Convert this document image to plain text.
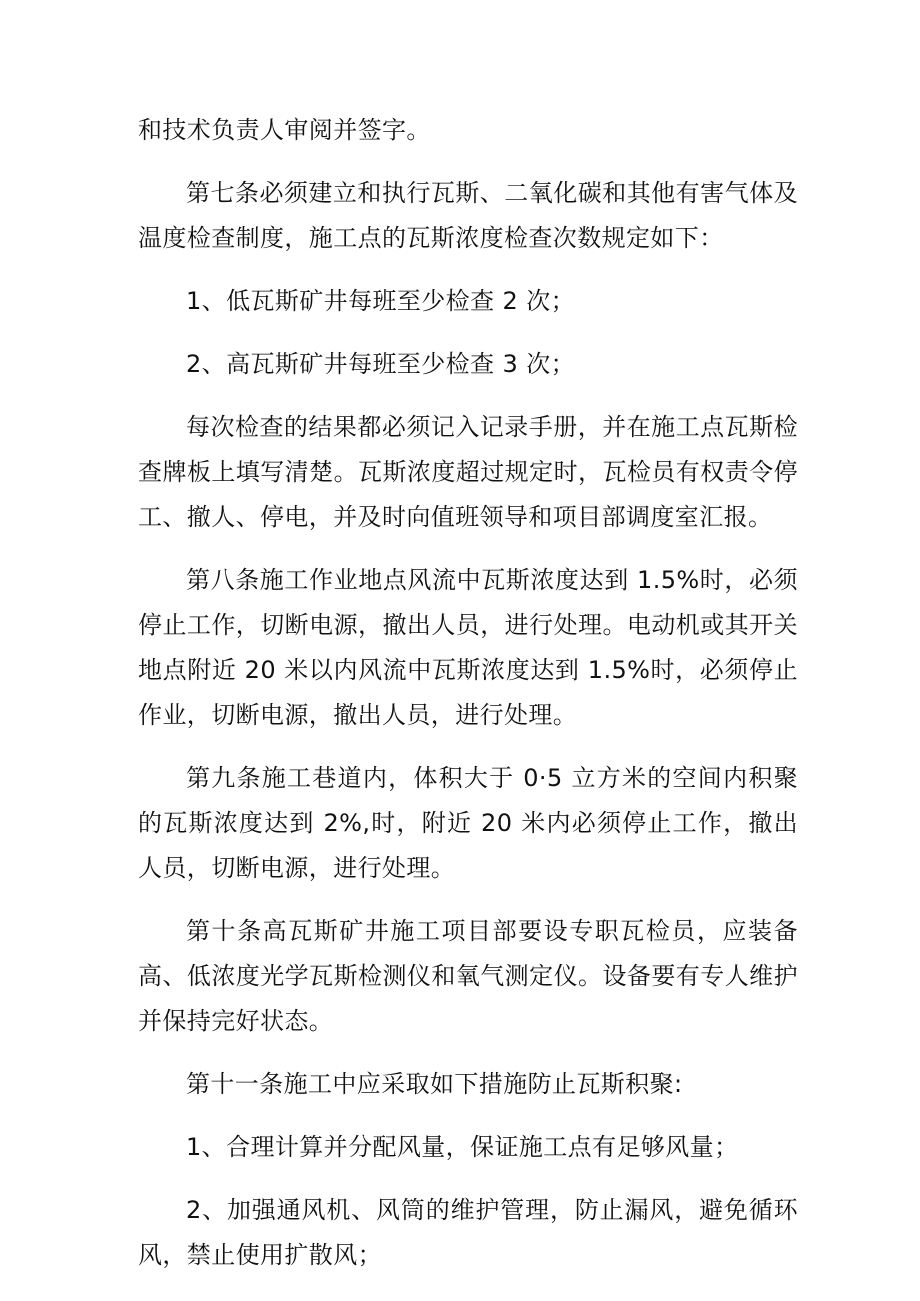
和技术负责人审阅并签字。

第七条必须建立和执行瓦斯、二氧化碳和其他有害气体及温度检查制度，施工点的瓦斯浓度检查次数规定如下：

1、低瓦斯矿井每班至少检查 2 次；

2、高瓦斯矿井每班至少检查 3 次；

每次检查的结果都必须记入记录手册，并在施工点瓦斯检查牌板上填写清楚。瓦斯浓度超过规定时，瓦检员有权责令停工、撤人、停电，并及时向值班领导和项目部调度室汇报。

第八条施工作业地点风流中瓦斯浓度达到 1.5%时，必须停止工作，切断电源，撤出人员，进行处理。电动机或其开关地点附近 20 米以内风流中瓦斯浓度达到 1.5%时，必须停止作业，切断电源，撤出人员，进行处理。

第九条施工巷道内，体积大于 0·5 立方米的空间内积聚的瓦斯浓度达到 2%,时，附近 20 米内必须停止工作，撤出人员，切断电源，进行处理。

第十条高瓦斯矿井施工项目部要设专职瓦检员，应装备高、低浓度光学瓦斯检测仪和氧气测定仪。设备要有专人维护并保持完好状态。

第十一条施工中应采取如下措施防止瓦斯积聚:

1、合理计算并分配风量，保证施工点有足够风量；

2、加强通风机、风筒的维护管理，防止漏风，避免循环风，禁止使用扩散风；
